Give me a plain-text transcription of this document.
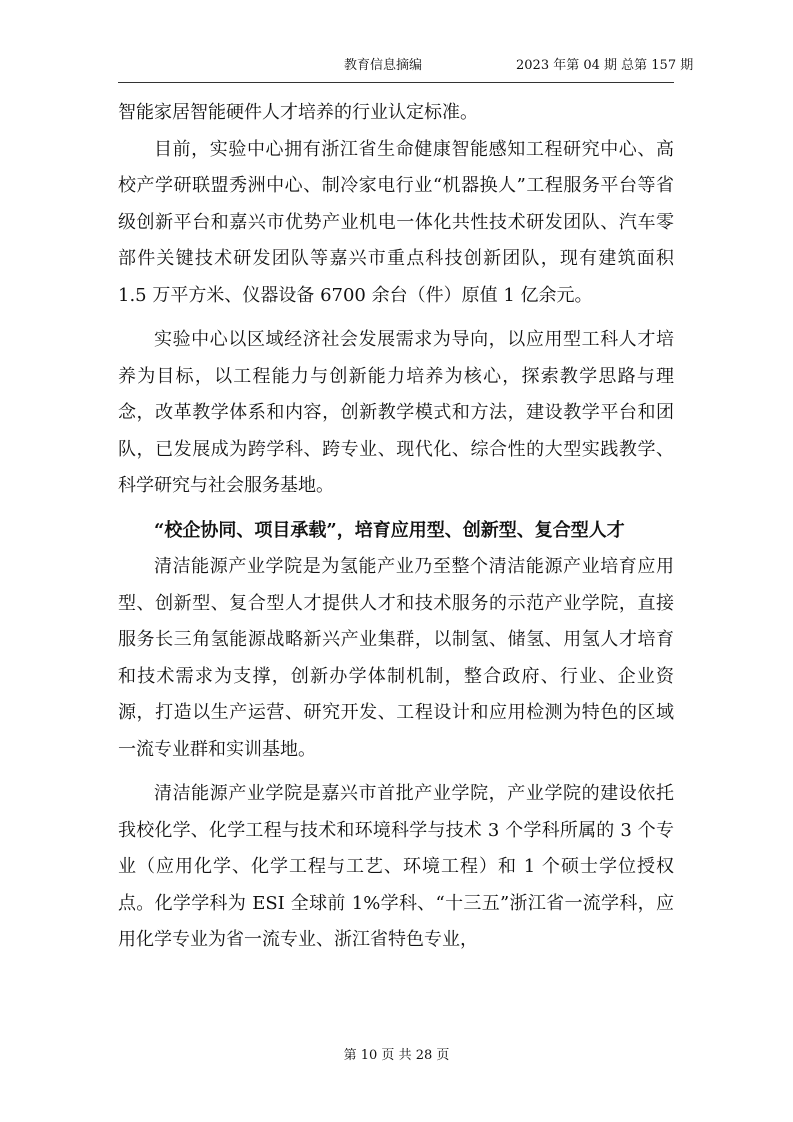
教育信息摘编	2023 年第 04 期 总第 157 期

智能家居智能硬件人才培养的行业认定标准。

目前，实验中心拥有浙江省生命健康智能感知工程研究中心、高校产学研联盟秀洲中心、制冷家电行业“机器换人”工程服务平台等省级创新平台和嘉兴市优势产业机电一体化共性技术研发团队、汽车零部件关键技术研发团队等嘉兴市重点科技创新团队，现有建筑面积 1.5 万平方米、仪器设备 6700 余台（件）原值 1 亿余元。

实验中心以区域经济社会发展需求为导向，以应用型工科人才培养为目标，以工程能力与创新能力培养为核心，探索教学思路与理念，改革教学体系和内容，创新教学模式和方法，建设教学平台和团队，已发展成为跨学科、跨专业、现代化、综合性的大型实践教学、科学研究与社会服务基地。

“校企协同、项目承载”，培育应用型、创新型、复合型人才

清洁能源产业学院是为氢能产业乃至整个清洁能源产业培育应用型、创新型、复合型人才提供人才和技术服务的示范产业学院，直接服务长三角氢能源战略新兴产业集群，以制氢、储氢、用氢人才培育和技术需求为支撑，创新办学体制机制，整合政府、行业、企业资源，打造以生产运营、研究开发、工程设计和应用检测为特色的区域一流专业群和实训基地。

清洁能源产业学院是嘉兴市首批产业学院，产业学院的建设依托我校化学、化学工程与技术和环境科学与技术 3 个学科所属的 3 个专业（应用化学、化学工程与工艺、环境工程）和 1 个硕士学位授权点。化学学科为 ESI 全球前 1%学科、“十三五”浙江省一流学科，应用化学专业为省一流专业、浙江省特色专业，

第 10 页 共 28 页
